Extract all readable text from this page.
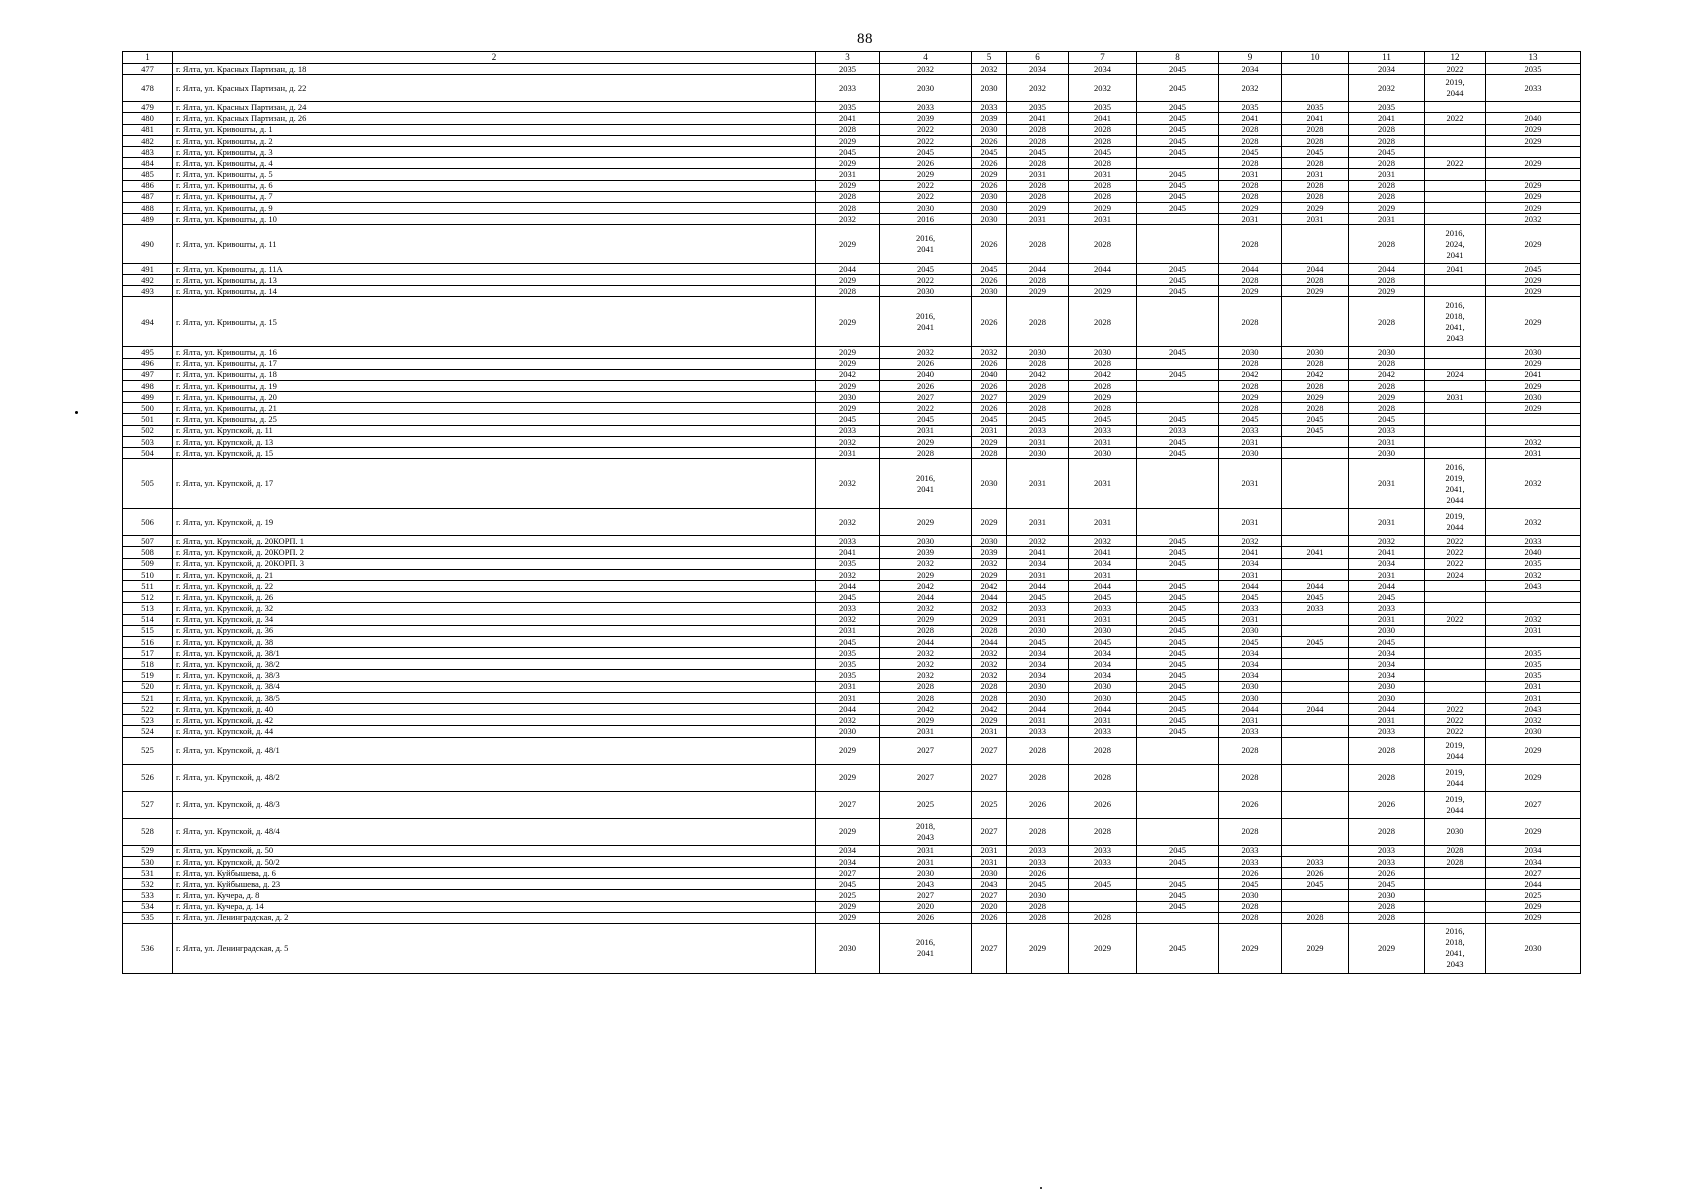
88
1	2	3	4	5	6	7	8	9	10	11	12	13
477	г. Ялта, ул. Красных Партизан, д. 18	2035	2032	2032	2034	2034	2045	2034		2034	2022	2035
478	г. Ялта, ул. Красных Партизан, д. 22	2033	2030	2030	2032	2032	2045	2032		2032	2019,
2044	2033
479	г. Ялта, ул. Красных Партизан, д. 24	2035	2033	2033	2035	2035	2045	2035	2035	2035		
480	г. Ялта, ул. Красных Партизан, д. 26	2041	2039	2039	2041	2041	2045	2041	2041	2041	2022	2040
481	г. Ялта, ул. Кривошты, д. 1	2028	2022	2030	2028	2028	2045	2028	2028	2028		2029
482	г. Ялта, ул. Кривошты, д. 2	2029	2022	2026	2028	2028	2045	2028	2028	2028		2029
483	г. Ялта, ул. Кривошты, д. 3	2045	2045	2045	2045	2045	2045	2045	2045	2045		
484	г. Ялта, ул. Кривошты, д. 4	2029	2026	2026	2028	2028		2028	2028	2028	2022	2029
485	г. Ялта, ул. Кривошты, д. 5	2031	2029	2029	2031	2031	2045	2031	2031	2031		
486	г. Ялта, ул. Кривошты, д. 6	2029	2022	2026	2028	2028	2045	2028	2028	2028		2029
487	г. Ялта, ул. Кривошты, д. 7	2028	2022	2030	2028	2028	2045	2028	2028	2028		2029
488	г. Ялта, ул. Кривошты, д. 9	2028	2030	2030	2029	2029	2045	2029	2029	2029		2029
489	г. Ялта, ул. Кривошты, д. 10	2032	2016	2030	2031	2031		2031	2031	2031		2032
490	г. Ялта, ул. Кривошты, д. 11	2029	2016,
2041	2026	2028	2028		2028		2028	2016,
2024,
2041	2029
491	г. Ялта, ул. Кривошты, д. 11А	2044	2045	2045	2044	2044	2045	2044	2044	2044	2041	2045
492	г. Ялта, ул. Кривошты, д. 13	2029	2022	2026	2028		2045	2028	2028	2028		2029
493	г. Ялта, ул. Кривошты, д. 14	2028	2030	2030	2029	2029	2045	2029	2029	2029		2029
494	г. Ялта, ул. Кривошты, д. 15	2029	2016,
2041	2026	2028	2028		2028		2028	2016,
2018,
2041,
2043	2029
495	г. Ялта, ул. Кривошты, д. 16	2029	2032	2032	2030	2030	2045	2030	2030	2030		2030
496	г. Ялта, ул. Кривошты, д. 17	2029	2026	2026	2028	2028		2028	2028	2028		2029
497	г. Ялта, ул. Кривошты, д. 18	2042	2040	2040	2042	2042	2045	2042	2042	2042	2024	2041
498	г. Ялта, ул. Кривошты, д. 19	2029	2026	2026	2028	2028		2028	2028	2028		2029
499	г. Ялта, ул. Кривошты, д. 20	2030	2027	2027	2029	2029		2029	2029	2029	2031	2030
500	г. Ялта, ул. Кривошты, д. 21	2029	2022	2026	2028	2028		2028	2028	2028		2029
501	г. Ялта, ул. Кривошты, д. 25	2045	2045	2045	2045	2045	2045	2045	2045	2045		
502	г. Ялта, ул. Крупской, д. 11	2033	2031	2031	2033	2033	2033	2033	2045	2033		
503	г. Ялта, ул. Крупской, д. 13	2032	2029	2029	2031	2031	2045	2031		2031		2032
504	г. Ялта, ул. Крупской, д. 15	2031	2028	2028	2030	2030	2045	2030		2030		2031
505	г. Ялта, ул. Крупской, д. 17	2032	2016,
2041	2030	2031	2031		2031		2031	2016,
2019,
2041,
2044	2032
506	г. Ялта, ул. Крупской, д. 19	2032	2029	2029	2031	2031		2031		2031	2019,
2044	2032
507	г. Ялта, ул. Крупской, д. 20КОРП. 1	2033	2030	2030	2032	2032	2045	2032		2032	2022	2033
508	г. Ялта, ул. Крупской, д. 20КОРП. 2	2041	2039	2039	2041	2041	2045	2041	2041	2041	2022	2040
509	г. Ялта, ул. Крупской, д. 20КОРП. 3	2035	2032	2032	2034	2034	2045	2034		2034	2022	2035
510	г. Ялта, ул. Крупской, д. 21	2032	2029	2029	2031	2031		2031		2031	2024	2032
511	г. Ялта, ул. Крупской, д. 22	2044	2042	2042	2044	2044	2045	2044	2044	2044		2043
512	г. Ялта, ул. Крупской, д. 26	2045	2044	2044	2045	2045	2045	2045	2045	2045		
513	г. Ялта, ул. Крупской, д. 32	2033	2032	2032	2033	2033	2045	2033	2033	2033		
514	г. Ялта, ул. Крупской, д. 34	2032	2029	2029	2031	2031	2045	2031		2031	2022	2032
515	г. Ялта, ул. Крупской, д. 36	2031	2028	2028	2030	2030	2045	2030		2030		2031
516	г. Ялта, ул. Крупской, д. 38	2045	2044	2044	2045	2045	2045	2045	2045	2045		
517	г. Ялта, ул. Крупской, д. 38/1	2035	2032	2032	2034	2034	2045	2034		2034		2035
518	г. Ялта, ул. Крупской, д. 38/2	2035	2032	2032	2034	2034	2045	2034		2034		2035
519	г. Ялта, ул. Крупской, д. 38/3	2035	2032	2032	2034	2034	2045	2034		2034		2035
520	г. Ялта, ул. Крупской, д. 38/4	2031	2028	2028	2030	2030	2045	2030		2030		2031
521	г. Ялта, ул. Крупской, д. 38/5	2031	2028	2028	2030	2030	2045	2030		2030		2031
522	г. Ялта, ул. Крупской, д. 40	2044	2042	2042	2044	2044	2045	2044	2044	2044	2022	2043
523	г. Ялта, ул. Крупской, д. 42	2032	2029	2029	2031	2031	2045	2031		2031	2022	2032
524	г. Ялта, ул. Крупской, д. 44	2030	2031	2031	2033	2033	2045	2033		2033	2022	2030
525	г. Ялта, ул. Крупской, д. 48/1	2029	2027	2027	2028	2028		2028		2028	2019,
2044	2029
526	г. Ялта, ул. Крупской, д. 48/2	2029	2027	2027	2028	2028		2028		2028	2019,
2044	2029
527	г. Ялта, ул. Крупской, д. 48/3	2027	2025	2025	2026	2026		2026		2026	2019,
2044	2027
528	г. Ялта, ул. Крупской, д. 48/4	2029	2018,
2043	2027	2028	2028		2028		2028	2030	2029
529	г. Ялта, ул. Крупской, д. 50	2034	2031	2031	2033	2033	2045	2033		2033	2028	2034
530	г. Ялта, ул. Крупской, д. 50/2	2034	2031	2031	2033	2033	2045	2033	2033	2033	2028	2034
531	г. Ялта, ул. Куйбышева, д. 6	2027	2030	2030	2026			2026	2026	2026		2027
532	г. Ялта, ул. Куйбышева, д. 23	2045	2043	2043	2045	2045	2045	2045	2045	2045		2044
533	г. Ялта, ул. Кучера, д. 8	2025	2027	2027	2030		2045	2030		2030		2025
534	г. Ялта, ул. Кучера, д. 14	2029	2020	2020	2028		2045	2028		2028		2029
535	г. Ялта, ул. Ленинградская, д. 2	2029	2026	2026	2028	2028		2028	2028	2028		2029
536	г. Ялта, ул. Ленинградская, д. 5	2030	2016,
2041	2027	2029	2029	2045	2029	2029	2029	2016,
2018,
2041,
2043	2030
